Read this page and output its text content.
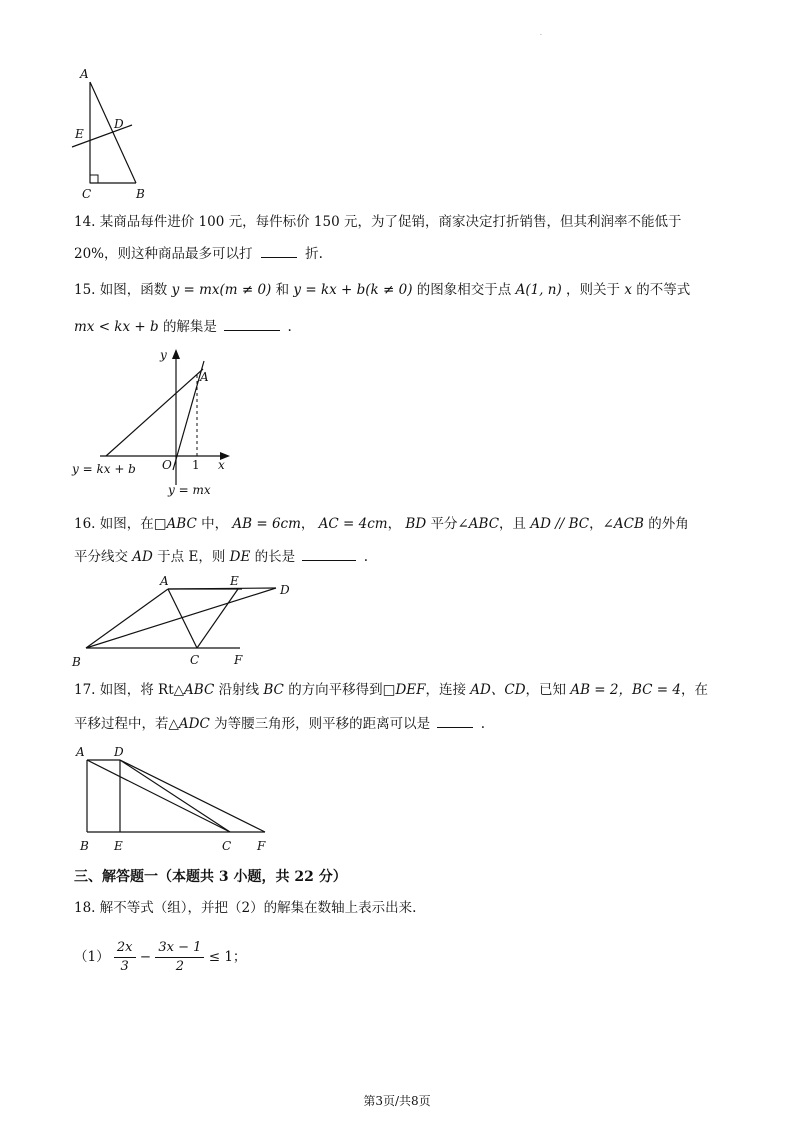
·
A
E
D
C	B
14. 某商品每件进价 100 元，每件标价 150 元，为了促销，商家决定打折销售，但其利润率不能低于
20%，则这种商品最多可以打	折.
15. 如图，函数 y = mx(m ≠ 0) 和 y = kx + b(k ≠ 0) 的图象相交于点 A(1, n) ，则关于 x 的不等式
mx < kx + b 的解集是	.
y
A
O 1 x
y = kx + b
y = mx
16. 如图，在□ABC 中， AB = 6cm， AC = 4cm， BD 平分∠ABC，且 AD // BC，∠ACB 的外角
平分线交 AD 于点 E，则 DE 的长是	.
A	E
D
B	C	F
17. 如图，将 Rt△ABC 沿射线 BC 的方向平移得到□DEF，连接 AD、CD，已知 AB = 2，BC = 4，在
平移过程中，若△ADC 为等腰三角形，则平移的距离可以是	.
A D
B E	C F
三、解答题一（本题共 3 小题，共 22 分）
18. 解不等式（组），并把（2）的解集在数轴上表示出来.
$(1) \frac{2x}{3} - \frac{3x - 1}{2} \le 1$；
第3页/共8页
